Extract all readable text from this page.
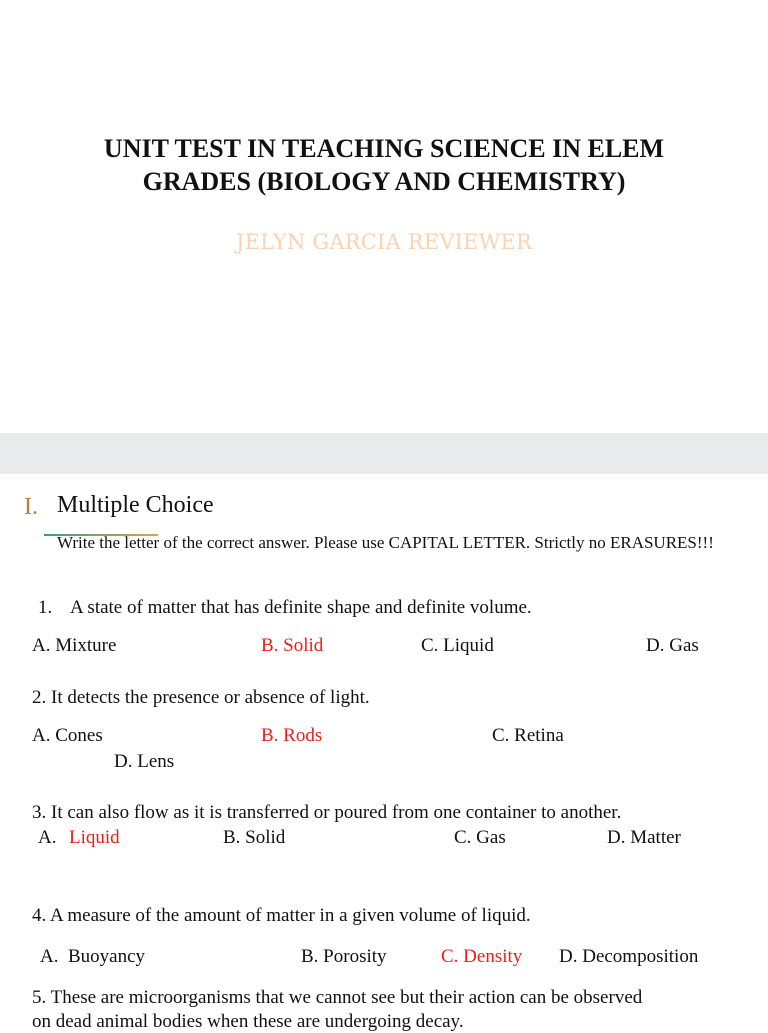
UNIT TEST IN TEACHING SCIENCE IN ELEM
GRADES (BIOLOGY AND CHEMISTRY)
JELYN GARCIA REVIEWER
I. Multiple Choice
Write the letter of the correct answer. Please use CAPITAL LETTER. Strictly no ERASURES!!!
1. A state of matter that has definite shape and definite volume.
A. Mixture	B. Solid	C. Liquid	D. Gas
2. It detects the presence or absence of light.
A. Cones	B. Rods	C. Retina
D. Lens
3. It can also flow as it is transferred or poured from one container to another.
A. Liquid	B. Solid	C. Gas	D. Matter
4. A measure of the amount of matter in a given volume of liquid.
A.  Buoyancy	B. Porosity	C. Density D. Decomposition
5. These are microorganisms that we cannot see but their action can be observed
on dead animal bodies when these are undergoing decay.
